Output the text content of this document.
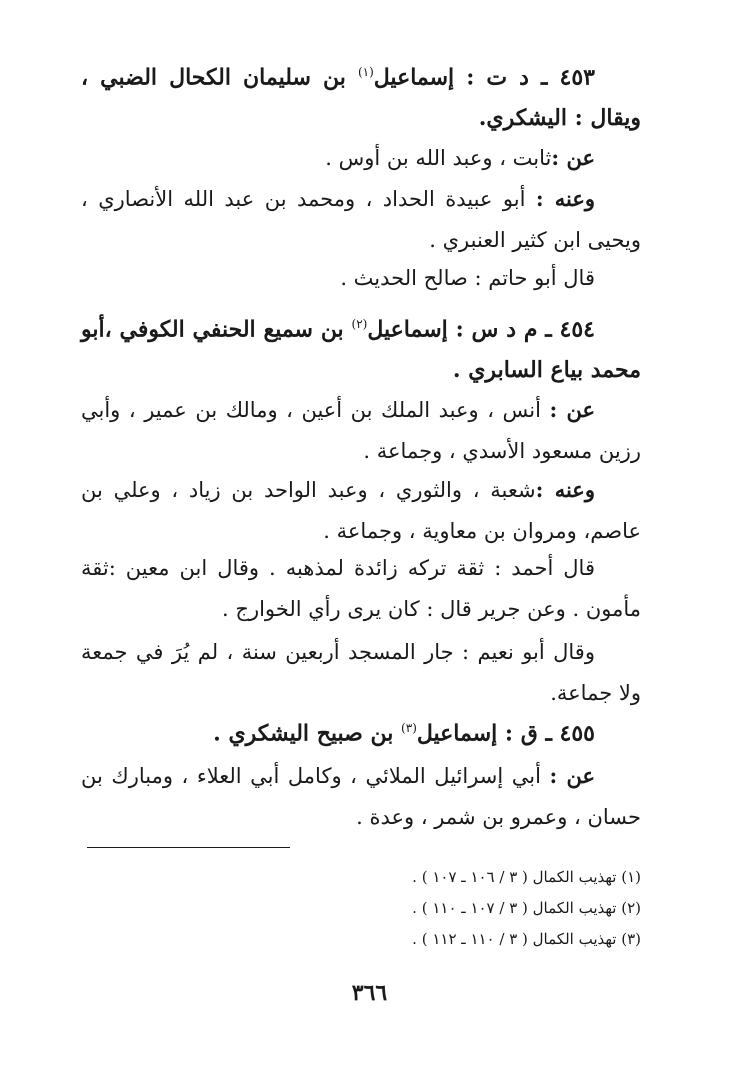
٤٥٣ ـ د ت : إسماعيل$^{(١)}$ بن سليمان الكحال الضبي ، ويقال : اليشكري.
عن :ثابت ، وعبد الله بن أوس .
وعنه : أبو عبيدة الحداد ، ومحمد بن عبد الله الأنصاري ، ويحيى ابن كثير العنبري .
قال أبو حاتم : صالح الحديث .
٤٥٤ ـ م د س : إسماعيل$^{(٢)}$ بن سميع الحنفي الكوفي ،أبو محمد بياع السابري .
عن : أنس ، وعبد الملك بن أعين ، ومالك بن عمير ، وأبي رزين مسعود الأسدي ، وجماعة .
وعنه :شعبة ، والثوري ، وعبد الواحد بن زياد ، وعلي بن عاصم، ومروان بن معاوية ، وجماعة .
قال أحمد : ثقة تركه زائدة لمذهبه . وقال ابن معين :ثقة مأمون . وعن جرير قال : كان يرى رأي الخوارج .
وقال أبو نعيم : جار المسجد أربعين سنة ، لم يُرَ في جمعة ولا جماعة.
٤٥٥ ـ ق : إسماعيل$^{(٣)}$ بن صبيح اليشكري .
عن : أبي إسرائيل الملائي ، وكامل أبي العلاء ، ومبارك بن حسان ، وعمرو بن شمر ، وعدة .
(١) تهذيب الكمال ( ٣ / ١٠٦ ـ ١٠٧ ) .
(٢) تهذيب الكمال ( ٣ / ١٠٧ ـ ١١٠ ) .
(٣) تهذيب الكمال ( ٣ / ١١٠ ـ ١١٢ ) .
٣٦٦
